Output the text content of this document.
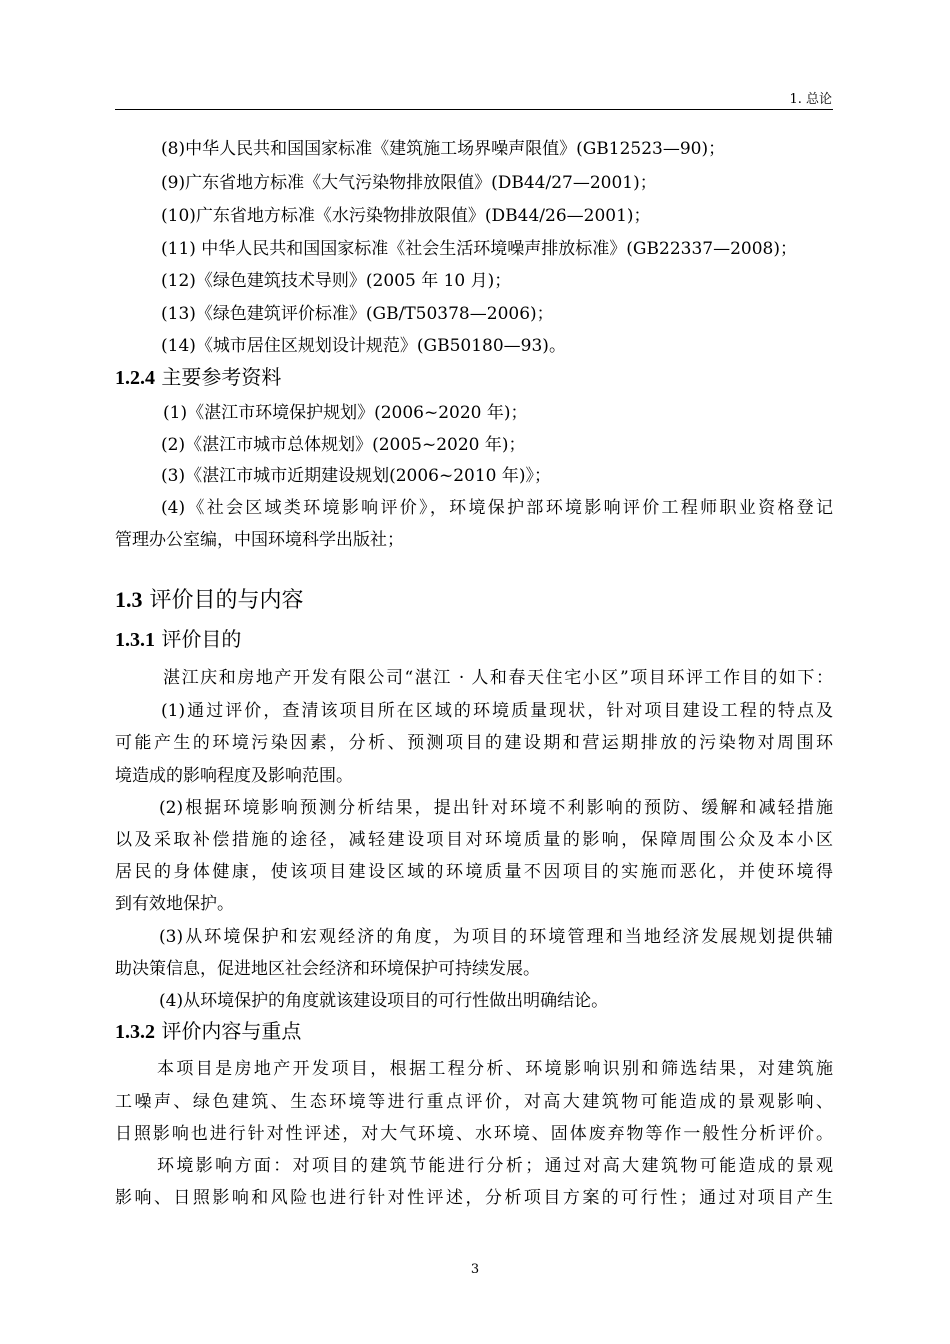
1. 总论
(8)中华人民共和国国家标准《建筑施工场界噪声限值》(GB12523—90)；
(9)广东省地方标准《大气污染物排放限值》(DB44/27—2001)；
(10)广东省地方标准《水污染物排放限值》(DB44/26—2001)；
(11) 中华人民共和国国家标准《社会生活环境噪声排放标准》(GB22337—2008)；
(12)《绿色建筑技术导则》(2005 年 10 月)；
(13)《绿色建筑评价标准》(GB/T50378—2006)；
(14)《城市居住区规划设计规范》(GB50180—93)。
1.2.4 主要参考资料
(1)《湛江市环境保护规划》(2006~2020 年)；
(2)《湛江市城市总体规划》(2005~2020 年)；
(3)《湛江市城市近期建设规划(2006~2010 年)》；
(4)《社会区域类环境影响评价》，环境保护部环境影响评价工程师职业资格登记
管理办公室编，中国环境科学出版社；
1.3 评价目的与内容
1.3.1 评价目的
湛江庆和房地产开发有限公司“湛江 · 人和春天住宅小区”项目环评工作目的如下：
(1)通过评价，查清该项目所在区域的环境质量现状，针对项目建设工程的特点及
可能产生的环境污染因素，分析、预测项目的建设期和营运期排放的污染物对周围环
境造成的影响程度及影响范围。
(2)根据环境影响预测分析结果，提出针对环境不利影响的预防、缓解和减轻措施
以及采取补偿措施的途径，减轻建设项目对环境质量的影响，保障周围公众及本小区
居民的身体健康，使该项目建设区域的环境质量不因项目的实施而恶化，并使环境得
到有效地保护。
(3)从环境保护和宏观经济的角度，为项目的环境管理和当地经济发展规划提供辅
助决策信息，促进地区社会经济和环境保护可持续发展。
(4)从环境保护的角度就该建设项目的可行性做出明确结论。
1.3.2 评价内容与重点
本项目是房地产开发项目，根据工程分析、环境影响识别和筛选结果，对建筑施
工噪声、绿色建筑、生态环境等进行重点评价，对高大建筑物可能造成的景观影响、
日照影响也进行针对性评述，对大气环境、水环境、固体废弃物等作一般性分析评价。
环境影响方面：对项目的建筑节能进行分析；通过对高大建筑物可能造成的景观
影响、日照影响和风险也进行针对性评述，分析项目方案的可行性；通过对项目产生
3
